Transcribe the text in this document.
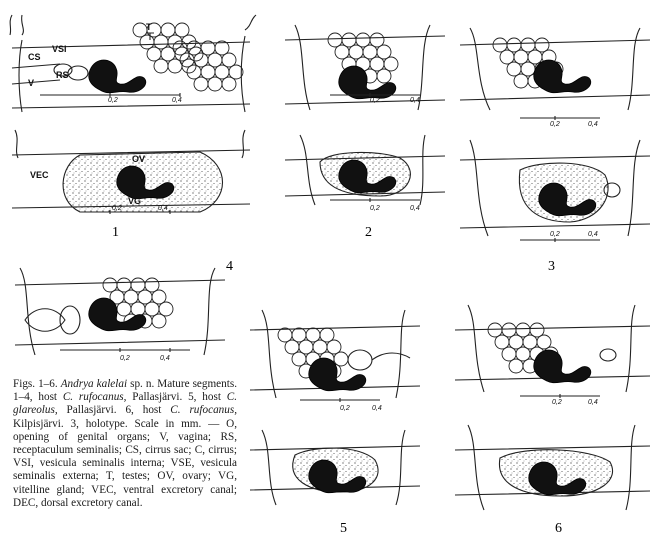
CS
VSI
T
RS
V
0,2	0,4
OV
VEC
VG
0,2	0,4
1
0,2	0,4
0,2	0,4
2
0,2	0,4
0,2	0,4
3
4
0,2	0,4
0,2	0,4
5
0,2	0,4
6
Figs. 1–6. Andrya kalelai sp. n. Mature segments. 1–4, host C. rufocanus, Pallasjärvi. 5, host C. glareolus, Pallasjärvi. 6, host C. rufocanus, Kilpisjärvi. 3, holotype. Scale in mm. — O, opening of genital organs; V, vagina; RS, receptaculum seminalis; CS, cirrus sac; C, cirrus; VSI, vesicula seminalis interna; VSE, vesicula seminalis externa; T, testes; OV, ovary; VG, vitelline gland; VEC, ventral excretory canal; DEC, dorsal excretory canal.
